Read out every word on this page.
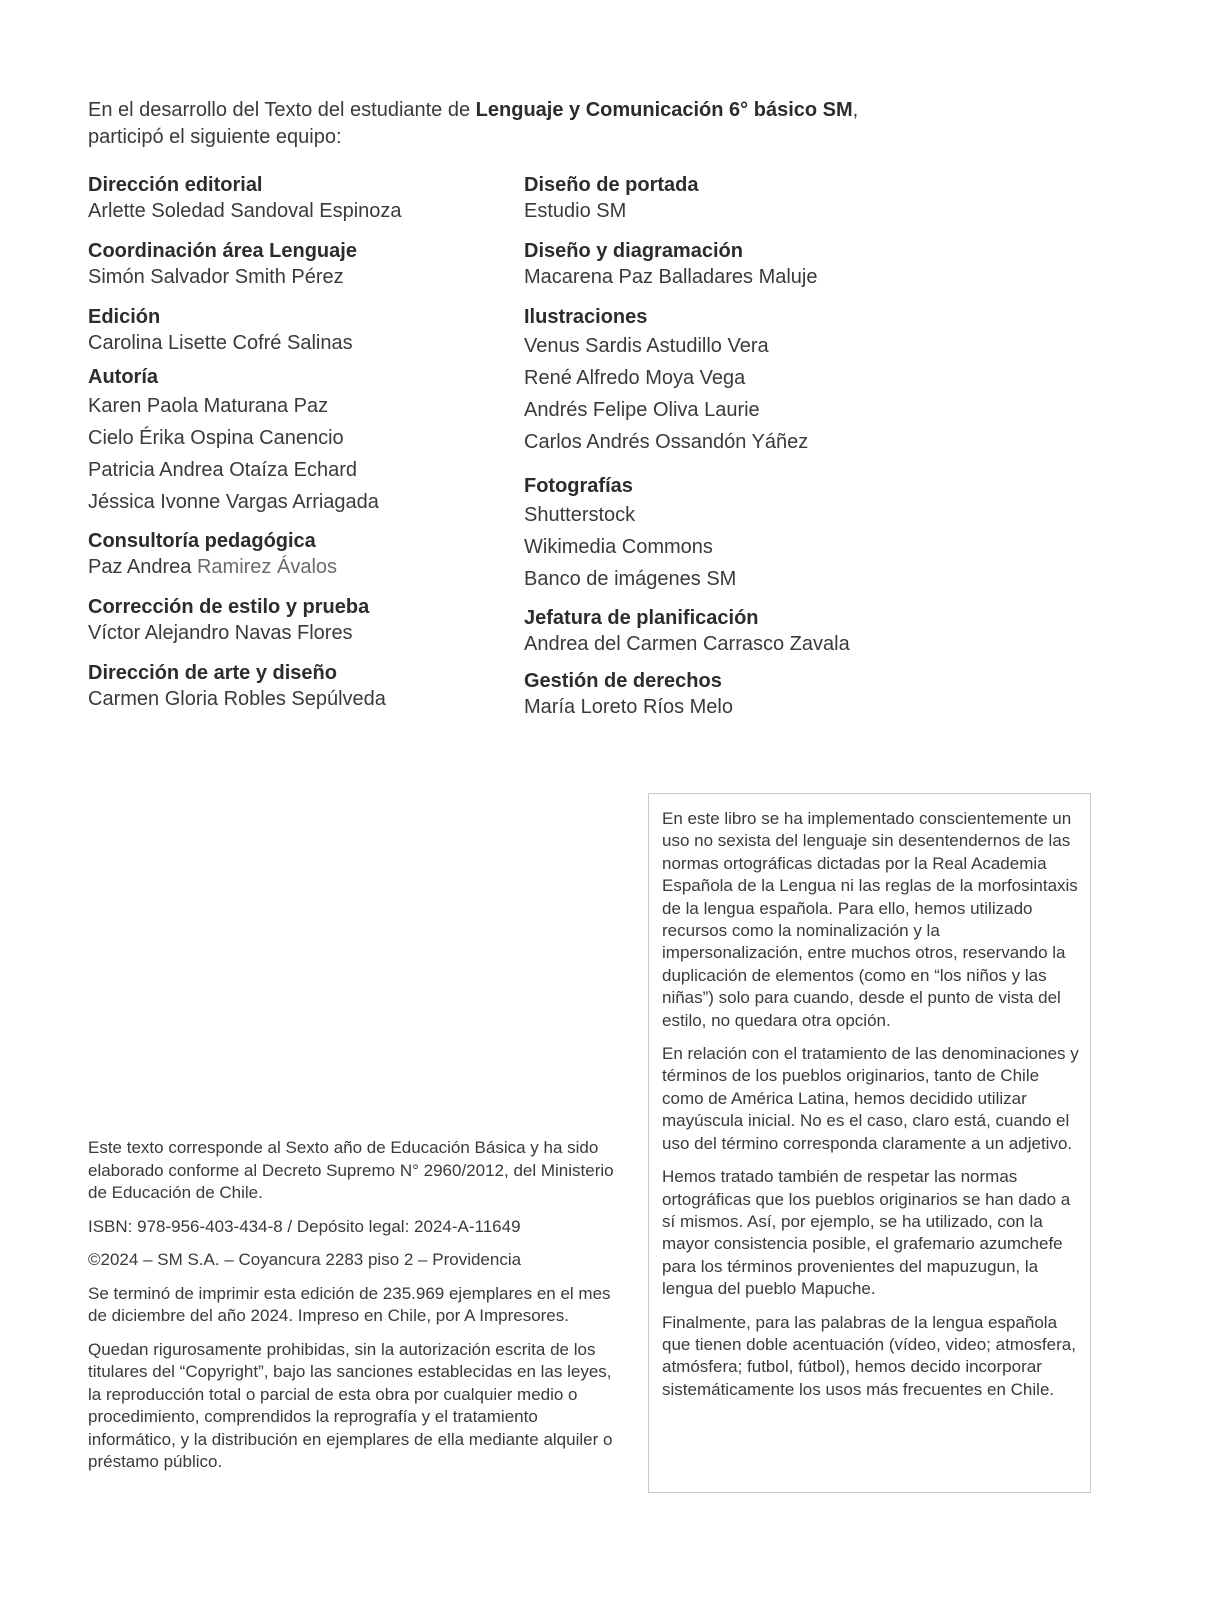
En el desarrollo del Texto del estudiante de Lenguaje y Comunicación 6° básico SM,
participó el siguiente equipo:
Dirección editorial
Arlette Soledad Sandoval Espinoza
Coordinación área Lenguaje
Simón Salvador Smith Pérez
Edición
Carolina Lisette Cofré Salinas
Autoría
Karen Paola Maturana Paz
Cielo Érika Ospina Canencio
Patricia Andrea Otaíza Echard
Jéssica Ivonne Vargas Arriagada
Consultoría pedagógica
Paz Andrea Ramirez Ávalos
Corrección de estilo y prueba
Víctor Alejandro Navas Flores
Dirección de arte y diseño
Carmen Gloria Robles Sepúlveda
Diseño de portada
Estudio SM
Diseño y diagramación
Macarena Paz Balladares Maluje
Ilustraciones
Venus Sardis Astudillo Vera
René Alfredo Moya Vega
Andrés Felipe Oliva Laurie
Carlos Andrés Ossandón Yáñez
Fotografías
Shutterstock
Wikimedia Commons
Banco de imágenes SM
Jefatura de planificación
Andrea del Carmen Carrasco Zavala
Gestión de derechos
María Loreto Ríos Melo

Este texto corresponde al Sexto año de Educación Básica y ha sido elaborado conforme al Decreto Supremo N° 2960/2012, del Ministerio de Educación de Chile.

ISBN: 978-956-403-434-8 / Depósito legal: 2024-A-11649

©2024 – SM S.A. – Coyancura 2283 piso 2 – Providencia

Se terminó de imprimir esta edición de 235.969 ejemplares en el mes de diciembre del año 2024. Impreso en Chile, por A Impresores.

Quedan rigurosamente prohibidas, sin la autorización escrita de los titulares del “Copyright”, bajo las sanciones establecidas en las leyes, la reproducción total o parcial de esta obra por cualquier medio o procedimiento, comprendidos la reprografía y el tratamiento informático, y la distribución en ejemplares de ella mediante alquiler o préstamo público.

En este libro se ha implementado conscientemente un uso no sexista del lenguaje sin desentendernos de las normas ortográficas dictadas por la Real Academia Española de la Lengua ni las reglas de la morfosintaxis de la lengua española. Para ello, hemos utilizado recursos como la nominalización y la impersonalización, entre muchos otros, reservando la duplicación de elementos (como en “los niños y las niñas”) solo para cuando, desde el punto de vista del estilo, no quedara otra opción.

En relación con el tratamiento de las denominaciones y términos de los pueblos originarios, tanto de Chile como de América Latina, hemos decidido utilizar mayúscula inicial. No es el caso, claro está, cuando el uso del término corresponda claramente a un adjetivo.

Hemos tratado también de respetar las normas ortográficas que los pueblos originarios se han dado a sí mismos. Así, por ejemplo, se ha utilizado, con la mayor consistencia posible, el grafemario azumchefe para los términos provenientes del mapuzugun, la lengua del pueblo Mapuche.

Finalmente, para las palabras de la lengua española que tienen doble acentuación (vídeo, video; atmosfera, atmósfera; futbol, fútbol), hemos decido incorporar sistemáticamente los usos más frecuentes en Chile.
